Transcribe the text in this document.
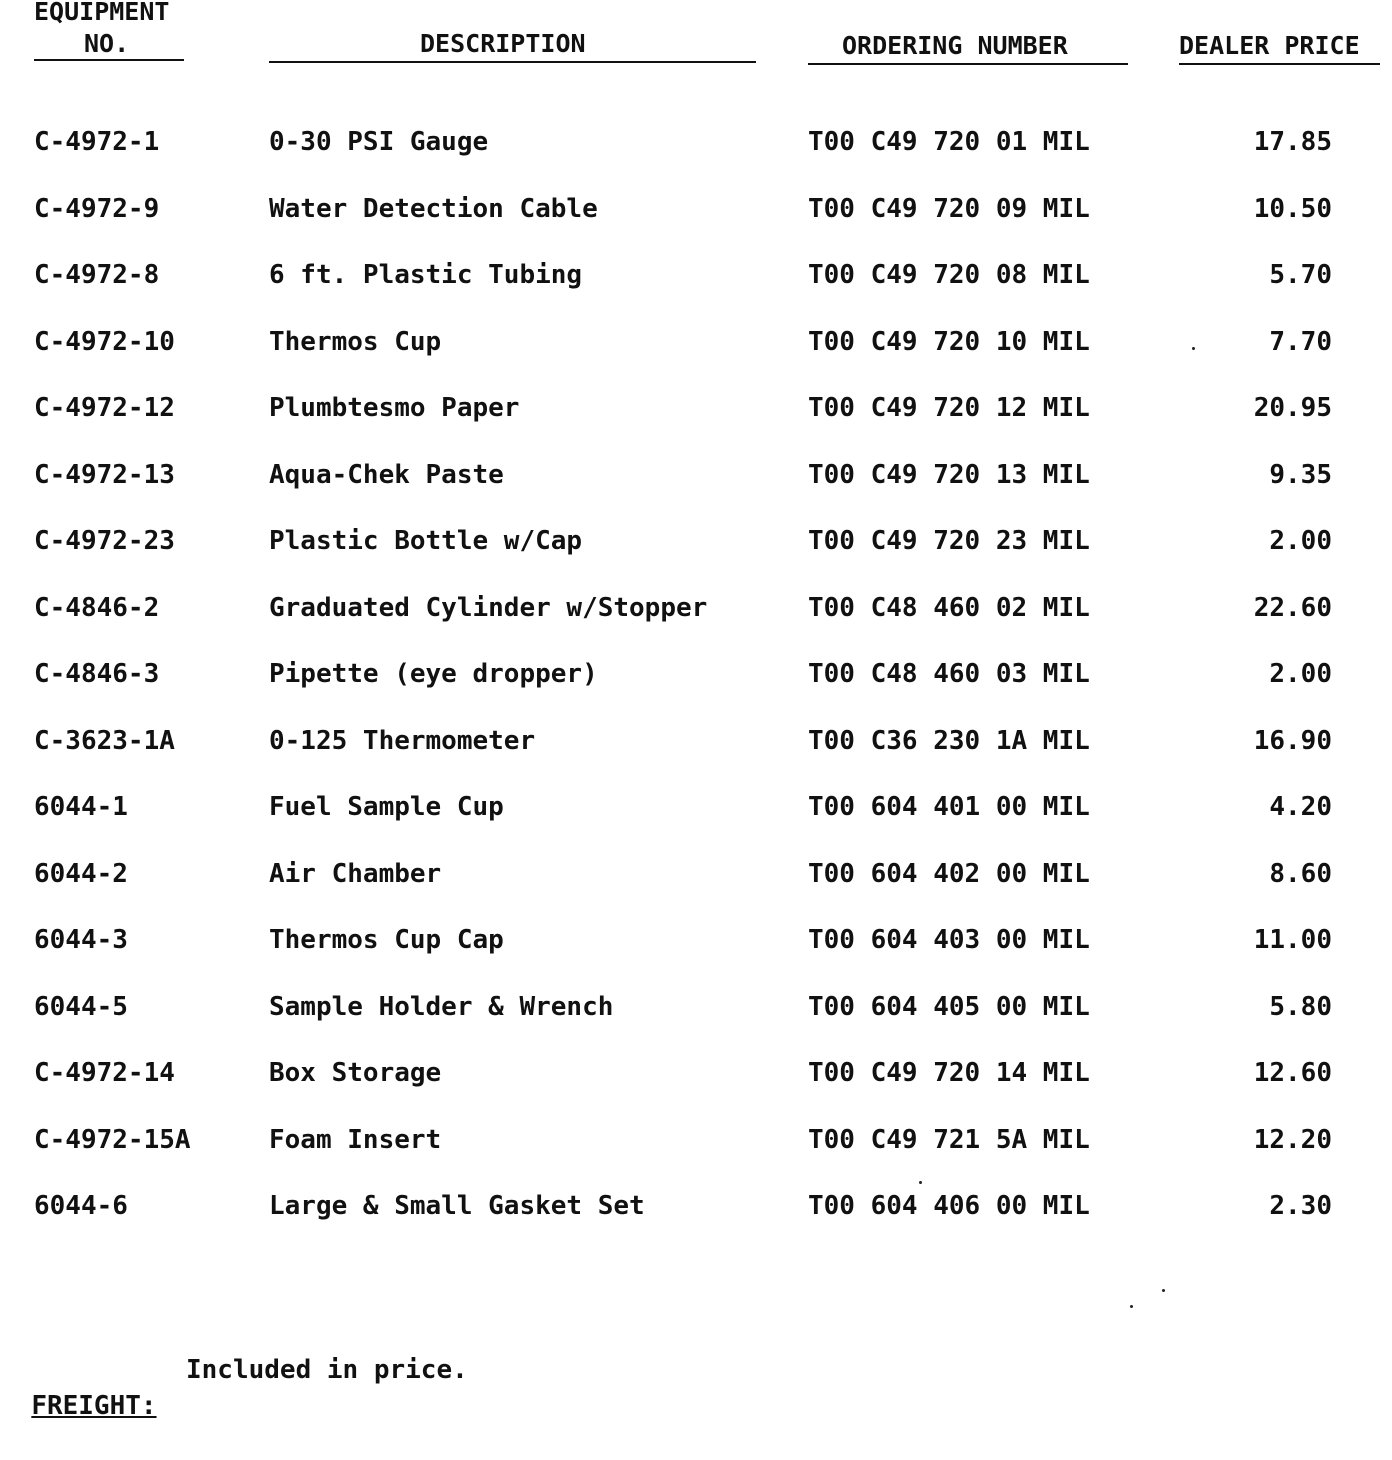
EQUIPMENT
NO.	DESCRIPTION	ORDERING NUMBER	DEALER PRICE
C-4972-1	0-30 PSI Gauge	T00 C49 720 01 MIL	17.85
C-4972-9	Water Detection Cable	T00 C49 720 09 MIL	10.50
C-4972-8	6 ft. Plastic Tubing	T00 C49 720 08 MIL	5.70
C-4972-10	Thermos Cup	T00 C49 720 10 MIL	7.70
C-4972-12	Plumbtesmo Paper	T00 C49 720 12 MIL	20.95
C-4972-13	Aqua-Chek Paste	T00 C49 720 13 MIL	9.35
C-4972-23	Plastic Bottle w/Cap	T00 C49 720 23 MIL	2.00
C-4846-2	Graduated Cylinder w/Stopper	T00 C48 460 02 MIL	22.60
C-4846-3	Pipette (eye dropper)	T00 C48 460 03 MIL	2.00
C-3623-1A	0-125 Thermometer	T00 C36 230 1A MIL	16.90
6044-1	Fuel Sample Cup	T00 604 401 00 MIL	4.20
6044-2	Air Chamber	T00 604 402 00 MIL	8.60
6044-3	Thermos Cup Cap	T00 604 403 00 MIL	11.00
6044-5	Sample Holder & Wrench	T00 604 405 00 MIL	5.80
C-4972-14	Box Storage	T00 C49 720 14 MIL	12.60
C-4972-15A	Foam Insert	T00 C49 721 5A MIL	12.20
6044-6	Large & Small Gasket Set	T00 604 406 00 MIL	2.30

FREIGHT:

Included in price.
